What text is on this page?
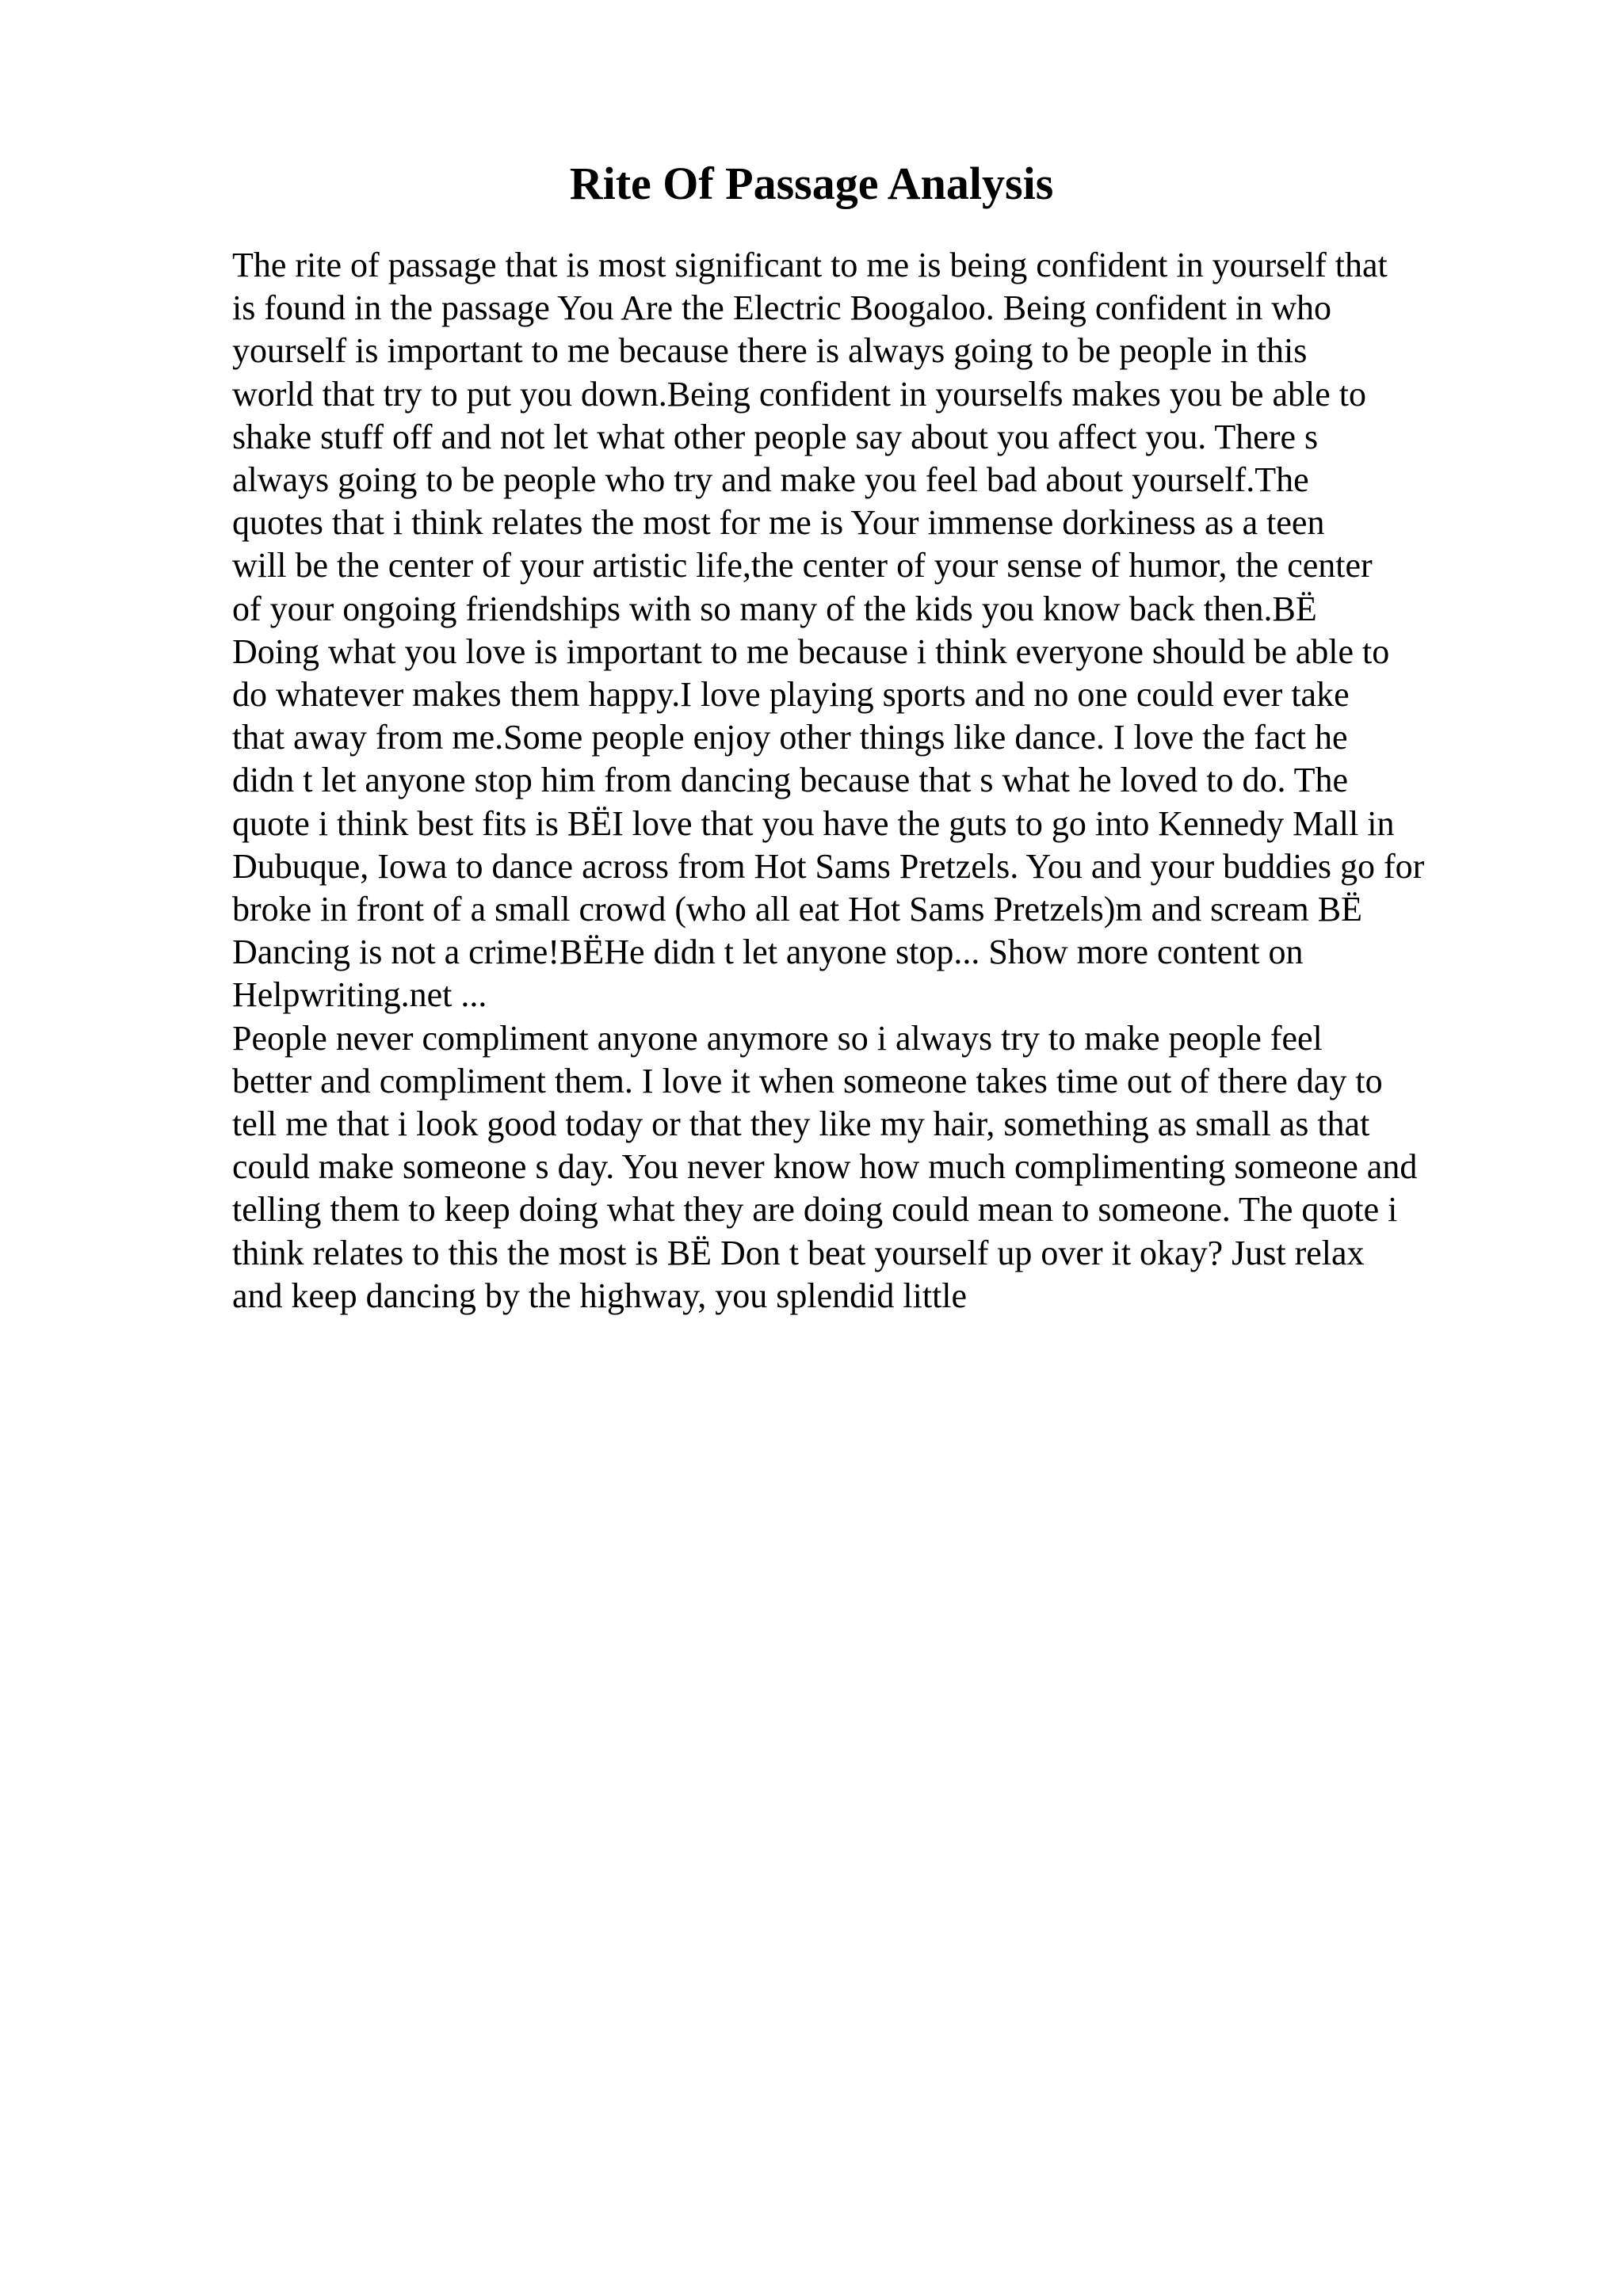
Rite Of Passage Analysis
The rite of passage that is most significant to me is being confident in yourself that
is found in the passage You Are the Electric Boogaloo. Being confident in who
yourself is important to me because there is always going to be people in this
world that try to put you down.Being confident in yourselfs makes you be able to
shake stuff off and not let what other people say about you affect you. There s
always going to be people who try and make you feel bad about yourself.The
quotes that i think relates the most for me is Your immense dorkiness as a teen
will be the center of your artistic life,the center of your sense of humor, the center
of your ongoing friendships with so many of the kids you know back then.BË
Doing what you love is important to me because i think everyone should be able to
do whatever makes them happy.I love playing sports and no one could ever take
that away from me.Some people enjoy other things like dance. I love the fact he
didn t let anyone stop him from dancing because that s what he loved to do. The
quote i think best fits is BËI love that you have the guts to go into Kennedy Mall in
Dubuque, Iowa to dance across from Hot Sams Pretzels. You and your buddies go for
broke in front of a small crowd (who all eat Hot Sams Pretzels)m and scream BË
Dancing is not a crime!BËHe didn t let anyone stop... Show more content on
Helpwriting.net ...
People never compliment anyone anymore so i always try to make people feel
better and compliment them. I love it when someone takes time out of there day to
tell me that i look good today or that they like my hair, something as small as that
could make someone s day. You never know how much complimenting someone and
telling them to keep doing what they are doing could mean to someone. The quote i
think relates to this the most is BË Don t beat yourself up over it okay? Just relax
and keep dancing by the highway, you splendid little
